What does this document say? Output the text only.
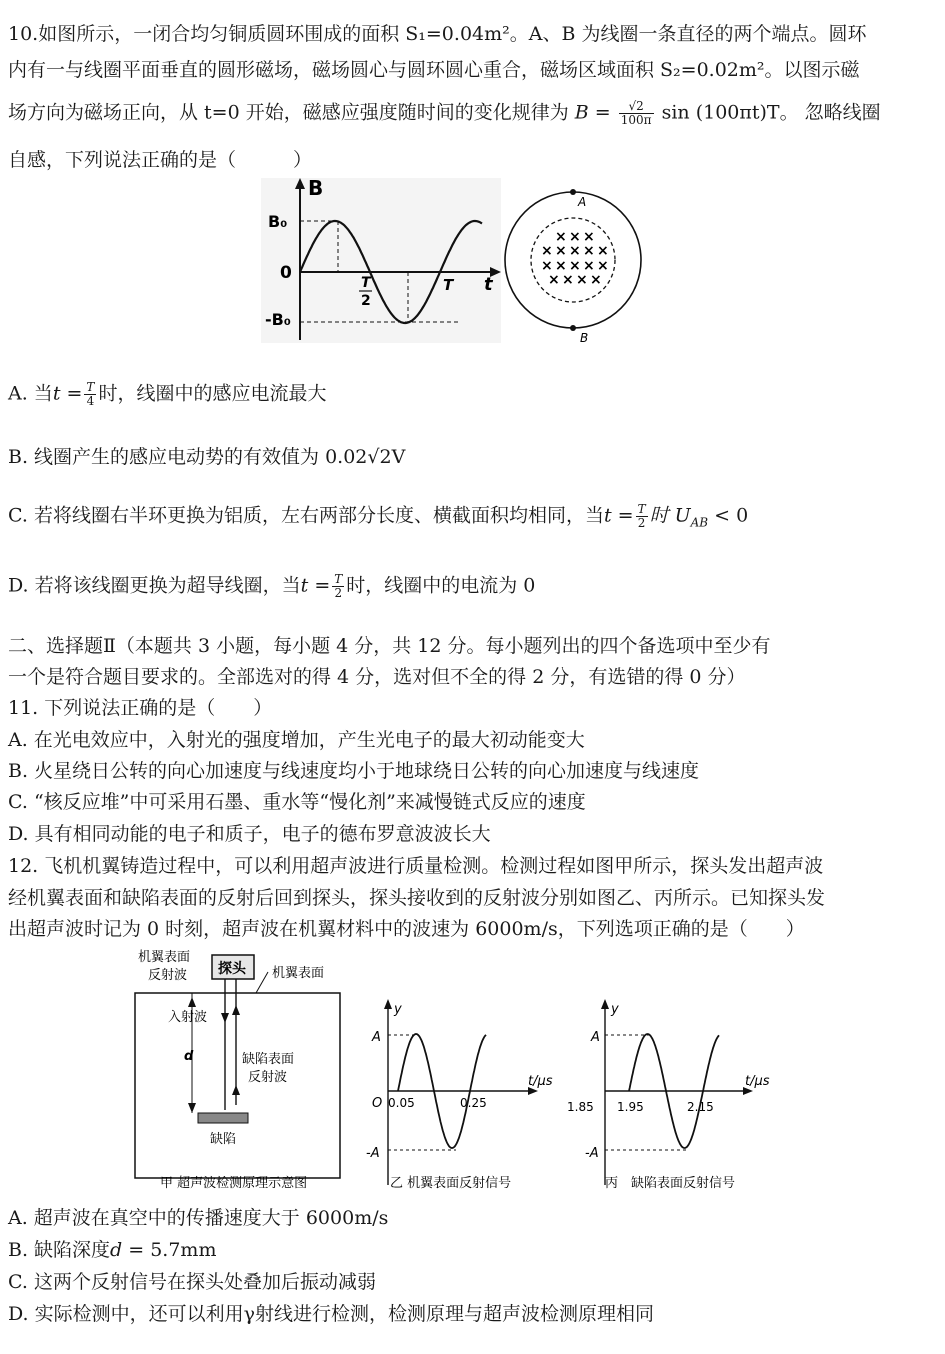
10.如图所示，一闭合均匀铜质圆环围成的面积 S₁=0.04m²。A、B 为线圈一条直径的两个端点。圆环
内有一与线圈平面垂直的圆形磁场，磁场圆心与圆环圆心重合，磁场区域面积 S₂=0.02m²。以图示磁
场方向为磁场正向，从 t=0 开始，磁感应强度随时间的变化规律为 $B = \frac{√2}{100\pi}$ sin (100πt)T。 忽略线圈
自感，下列说法正确的是（　　　）
B
t
B₀
-B₀
0	T
2
T
A
B
× × ×
× × × × ×
× × × × ×
× × × ×
A. 当$t = \frac{T}{4}$ 时，线圈中的感应电流最大
B. 线圈产生的感应电动势的有效值为 0.02√2V
C. 若将线圈右半环更换为铝质，左右两部分长度、横截面积均相同，当$t = \frac{T}{2}$ 时 $U_{AB} < 0$
D. 若将该线圈更换为超导线圈，当$t = \frac{T}{2}$ 时，线圈中的电流为 0
二、选择题Ⅱ（本题共 3 小题，每小题 4 分，共 12 分。每小题列出的四个备选项中至少有
一个是符合题目要求的。全部选对的得 4 分，选对但不全的得 2 分，有选错的得 0 分）
11. 下列说法正确的是（　　）
A. 在光电效应中，入射光的强度增加，产生光电子的最大初动能变大
B. 火星绕日公转的向心加速度与线速度均小于地球绕日公转的向心加速度与线速度
C. “核反应堆”中可采用石墨、重水等“慢化剂”来减慢链式反应的速度
D. 具有相同动能的电子和质子，电子的德布罗意波波长大
12. 飞机机翼铸造过程中，可以利用超声波进行质量检测。检测过程如图甲所示，探头发出超声波
经机翼表面和缺陷表面的反射后回到探头，探头接收到的反射波分别如图乙、丙所示。已知探头发
出超声波时记为 0 时刻，超声波在机翼材料中的波速为 6000m/s，下列选项正确的是（　　）
机翼表面
反射波 探头 机翼表面
入射波
d	缺陷表面
反射波
缺陷
甲 超声波检测原理示意图
y
t/μs
A
-A
O 0.05	0.25
乙 机翼表面反射信号
y
t/μs
A
-A
1.85 1.95	2.15
丙　缺陷表面反射信号
A. 超声波在真空中的传播速度大于 6000m/s
B. 缺陷深度d = 5.7mm
C. 这两个反射信号在探头处叠加后振动减弱
D. 实际检测中，还可以利用γ射线进行检测，检测原理与超声波检测原理相同
